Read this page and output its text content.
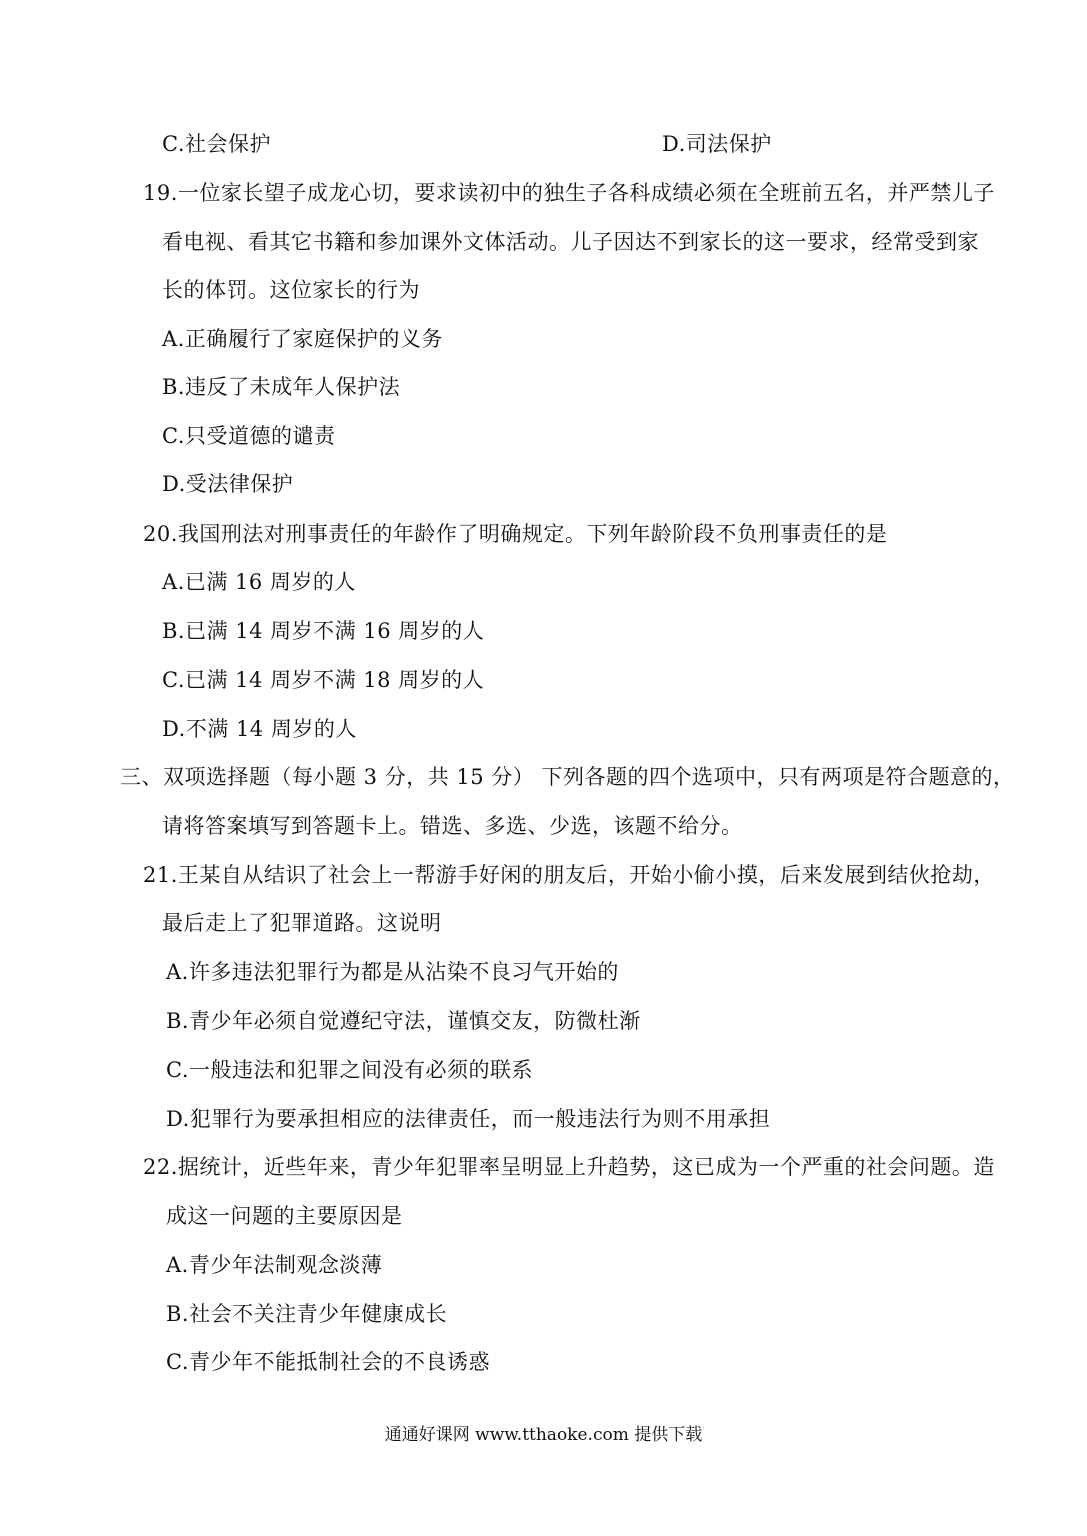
C.社会保护	D.司法保护
19.一位家长望子成龙心切，要求读初中的独生子各科成绩必须在全班前五名，并严禁儿子
看电视、看其它书籍和参加课外文体活动。儿子因达不到家长的这一要求，经常受到家
长的体罚。这位家长的行为
A.正确履行了家庭保护的义务
B.违反了未成年人保护法
C.只受道德的谴责
D.受法律保护
20.我国刑法对刑事责任的年龄作了明确规定。下列年龄阶段不负刑事责任的是
A.已满 16 周岁的人
B.已满 14 周岁不满 16 周岁的人
C.已满 14 周岁不满 18 周岁的人
D.不满 14 周岁的人
三、双项选择题（每小题 3 分，共 15 分） 下列各题的四个选项中，只有两项是符合题意的，
请将答案填写到答题卡上。错选、多选、少选，该题不给分。
21.王某自从结识了社会上一帮游手好闲的朋友后，开始小偷小摸，后来发展到结伙抢劫，
最后走上了犯罪道路。这说明
A.许多违法犯罪行为都是从沾染不良习气开始的
B.青少年必须自觉遵纪守法，谨慎交友，防微杜渐
C.一般违法和犯罪之间没有必须的联系
D.犯罪行为要承担相应的法律责任，而一般违法行为则不用承担
22.据统计，近些年来，青少年犯罪率呈明显上升趋势，这已成为一个严重的社会问题。造
成这一问题的主要原因是
A.青少年法制观念淡薄
B.社会不关注青少年健康成长
C.青少年不能抵制社会的不良诱惑
通通好课网 www.tthaoke.com 提供下载
